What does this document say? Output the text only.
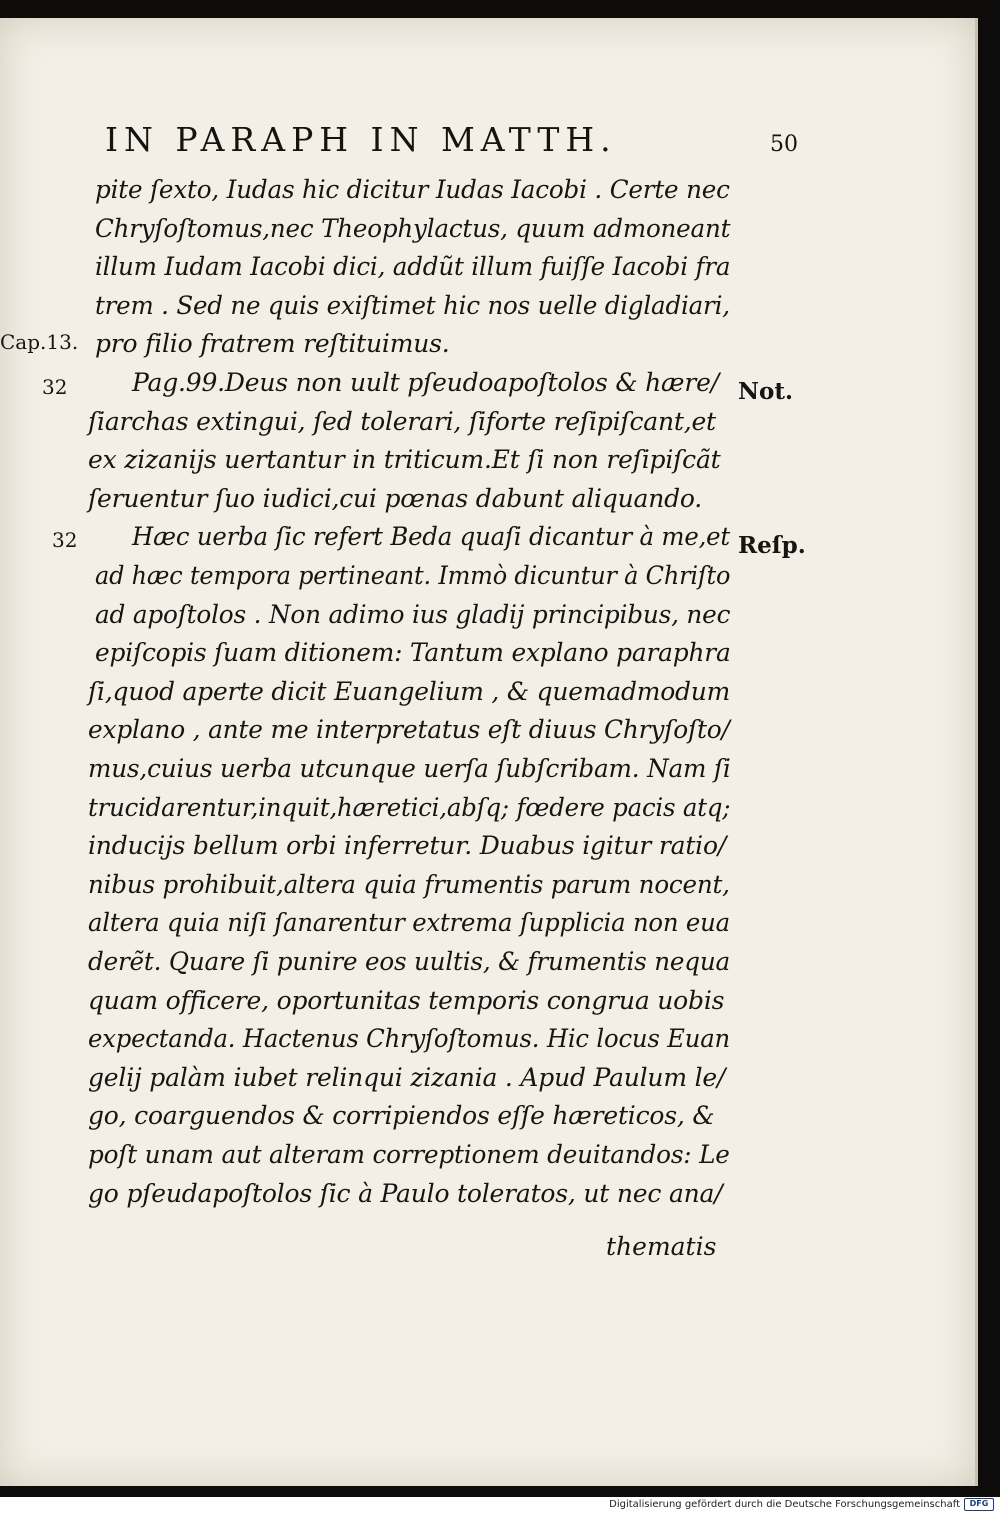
IN PARAPH IN MATTH.	50
pite ſexto, Iudas hic dicitur Iudas Iacobi . Certe nec
Chryſoſtomus,nec Theophylactus, quum admoneant
illum Iudam Iacobi dici, addũt illum fuiſſe Iacobi fra
trem . Sed ne quis exiſtimet hic nos uelle digladiari,
pro filio fratrem reſtituimus.
Pag.99.Deus non uult pſeudoapoſtolos & hære/
ſiarchas extingui, ſed tolerari, ſiforte reſipiſcant,et
ex zizanijs uertantur in triticum.Et ſi non reſipiſcãt
ſeruentur ſuo iudici,cui pœnas dabunt aliquando.
Hæc uerba ſic refert Beda quaſi dicantur à me,et
ad hæc tempora pertineant. Immò dicuntur à Chriſto
ad apoſtolos . Non adimo ius gladij principibus, nec
epiſcopis ſuam ditionem: Tantum explano paraphra
ſi,quod aperte dicit Euangelium , & quemadmodum
explano , ante me interpretatus eſt diuus Chryſoſto/
mus,cuius uerba utcunque uerſa ſubſcribam. Nam ſi
trucidarentur,inquit,hæretici,abſq; fœdere pacis atq;
inducijs bellum orbi inferretur. Duabus igitur ratio/
nibus prohibuit,altera quia frumentis parum nocent,
altera quia niſi ſanarentur extrema ſupplicia non eua
derẽt. Quare ſi punire eos uultis, & frumentis nequa
quam officere, oportunitas temporis congrua uobis
expectanda. Hactenus Chryſoſtomus. Hic locus Euan
gelij palàm iubet relinqui zizania . Apud Paulum le/
go, coarguendos & corripiendos eſſe hæreticos, &
poſt unam aut alteram correptionem deuitandos: Le
go pſeudapoſtolos ſic à Paulo toleratos, ut nec ana/
Cap.13.
32
32
Not.
Reſp.
thematis
Digitalisierung gefördert durch die Deutsche Forschungsgemeinschaft	DFG
